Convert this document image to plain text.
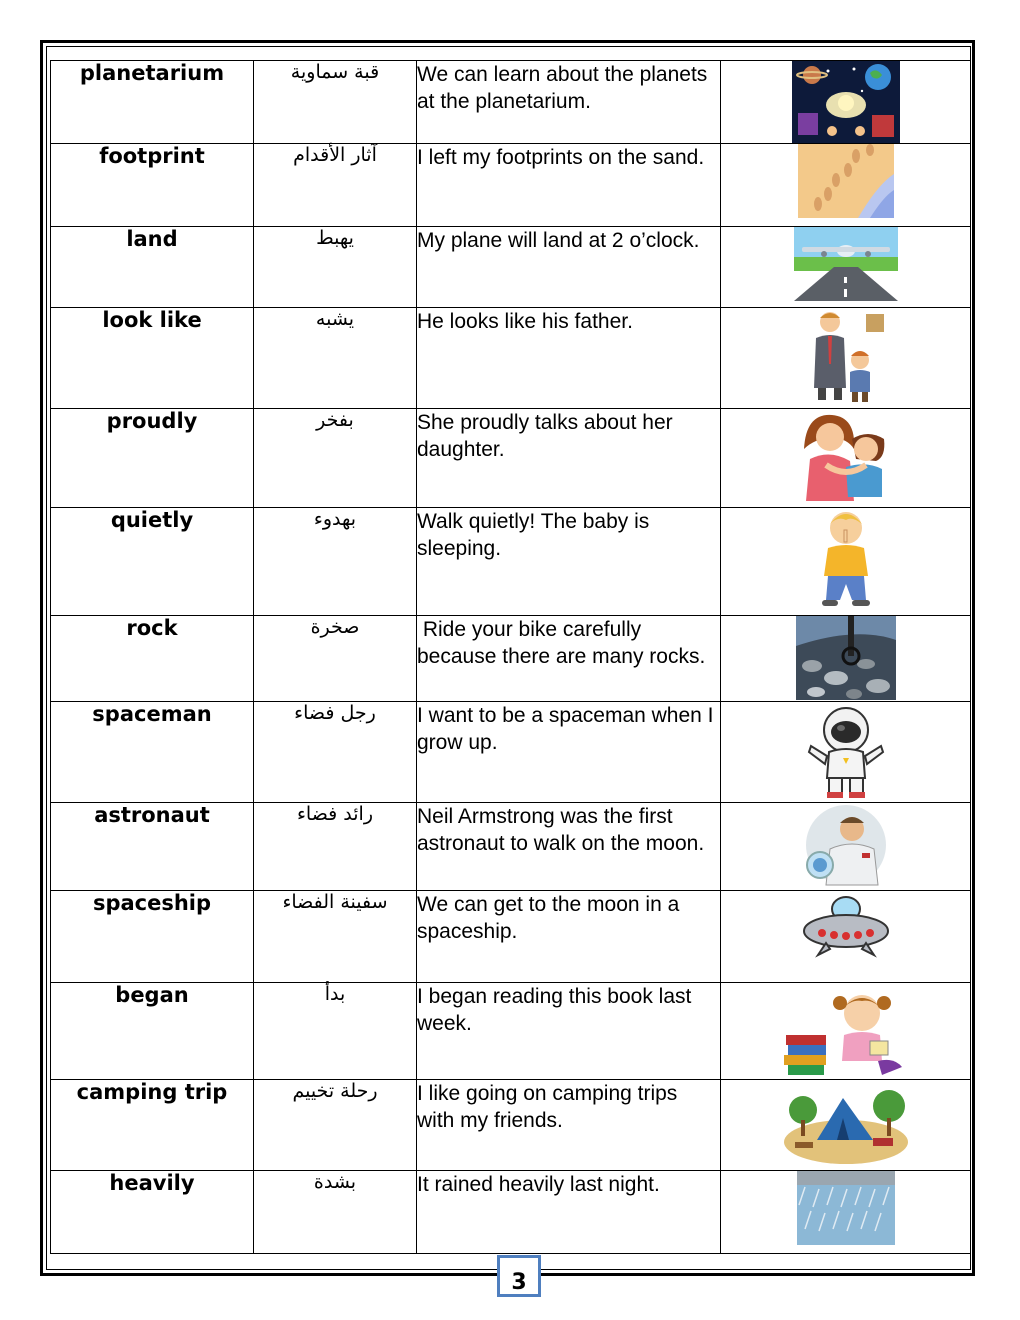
planetarium	قبة سماوية	We can learn about the planets at the planetarium.	

footprint	آثار الأقدام	I left my footprints on the sand.	

land	يهبط	My plane will land at 2 o’clock.	

look like	يشبه	He looks like his father.	

proudly	بفخر	She proudly talks about her daughter.	

quietly	بهدوء	Walk quietly! The baby is sleeping.	

rock	صخرة	Ride your bike carefully because there are many rocks.	

spaceman	رجل فضاء	I want to be a spaceman when I grow up.	

astronaut	رائد فضاء	Neil Armstrong was the first astronaut to walk on the moon.	

spaceship	سفينة الفضاء	We can get to the moon in a spaceship.	

began	بدأ	I began reading this book last week.	

camping trip	رحلة تخييم	I like going on camping trips with my friends.	

heavily	بشدة	It rained heavily last night.	
3
